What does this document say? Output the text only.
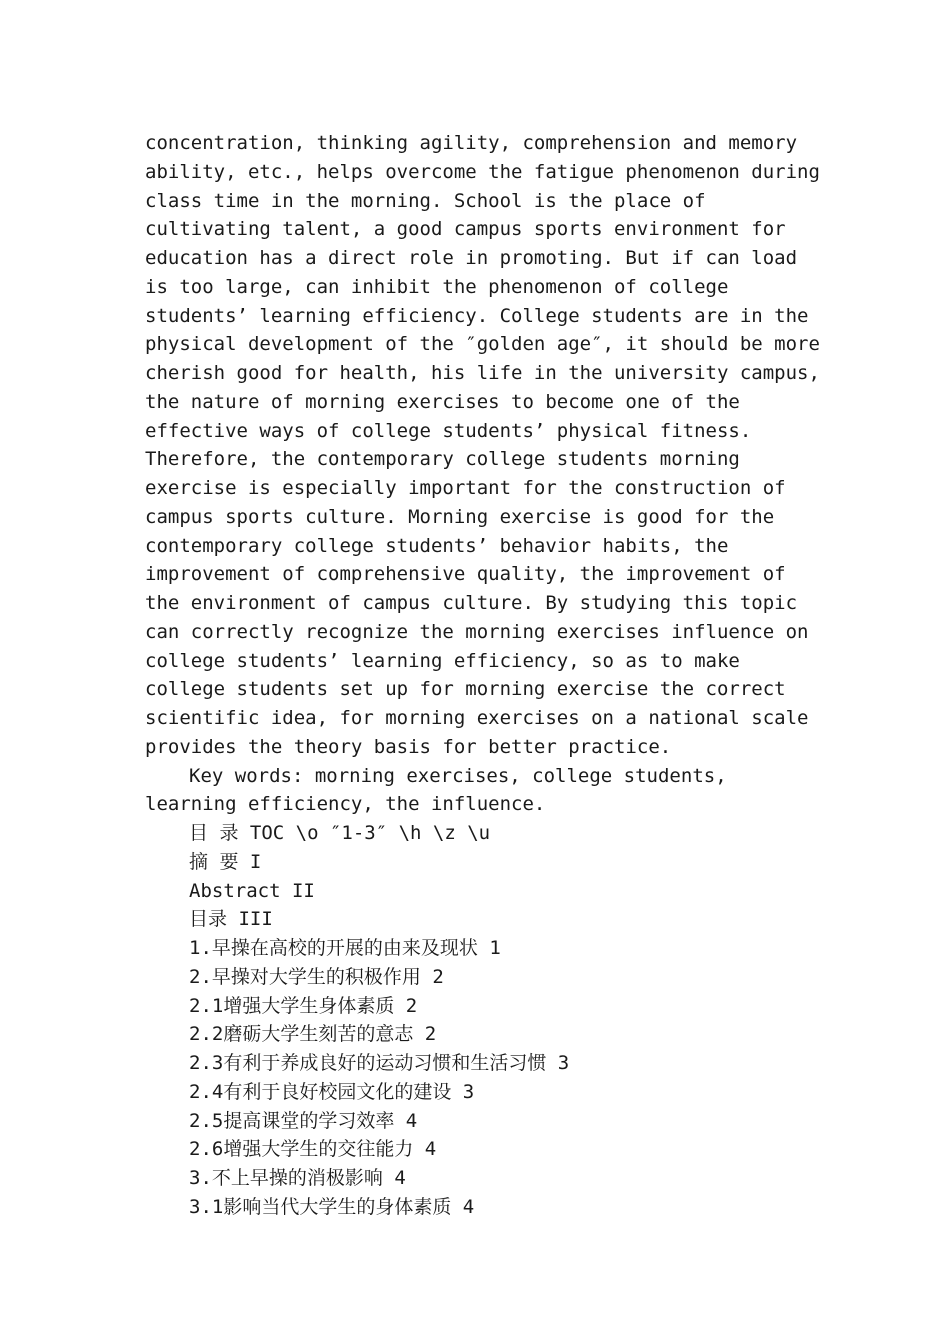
concentration, thinking agility, comprehension and memory
ability, etc., helps overcome the fatigue phenomenon during
class time in the morning. School is the place of
cultivating talent, a good campus sports environment for
education has a direct role in promoting. But if can load
is too large, can inhibit the phenomenon of college
students’ learning efficiency. College students are in the
physical development of the ″golden age″, it should be more
cherish good for health, his life in the university campus,
the nature of morning exercises to become one of the
effective ways of college students’ physical fitness.
Therefore, the contemporary college students morning
exercise is especially important for the construction of
campus sports culture. Morning exercise is good for the
contemporary college students’ behavior habits, the
improvement of comprehensive quality, the improvement of
the environment of campus culture. By studying this topic
can correctly recognize the morning exercises influence on
college students’ learning efficiency, so as to make
college students set up for morning exercise the correct
scientific idea, for morning exercises on a national scale
provides the theory basis for better practice.
Key words: morning exercises, college students,
learning efficiency, the influence.
目 录 TOC \o ″1-3″ \h \z \u
摘 要 I
Abstract II
目录 III
1.早操在高校的开展的由来及现状 1
2.早操对大学生的积极作用 2
2.1增强大学生身体素质 2
2.2磨砺大学生刻苦的意志 2
2.3有利于养成良好的运动习惯和生活习惯 3
2.4有利于良好校园文化的建设 3
2.5提高课堂的学习效率 4
2.6增强大学生的交往能力 4
3.不上早操的消极影响 4
3.1影响当代大学生的身体素质 4
